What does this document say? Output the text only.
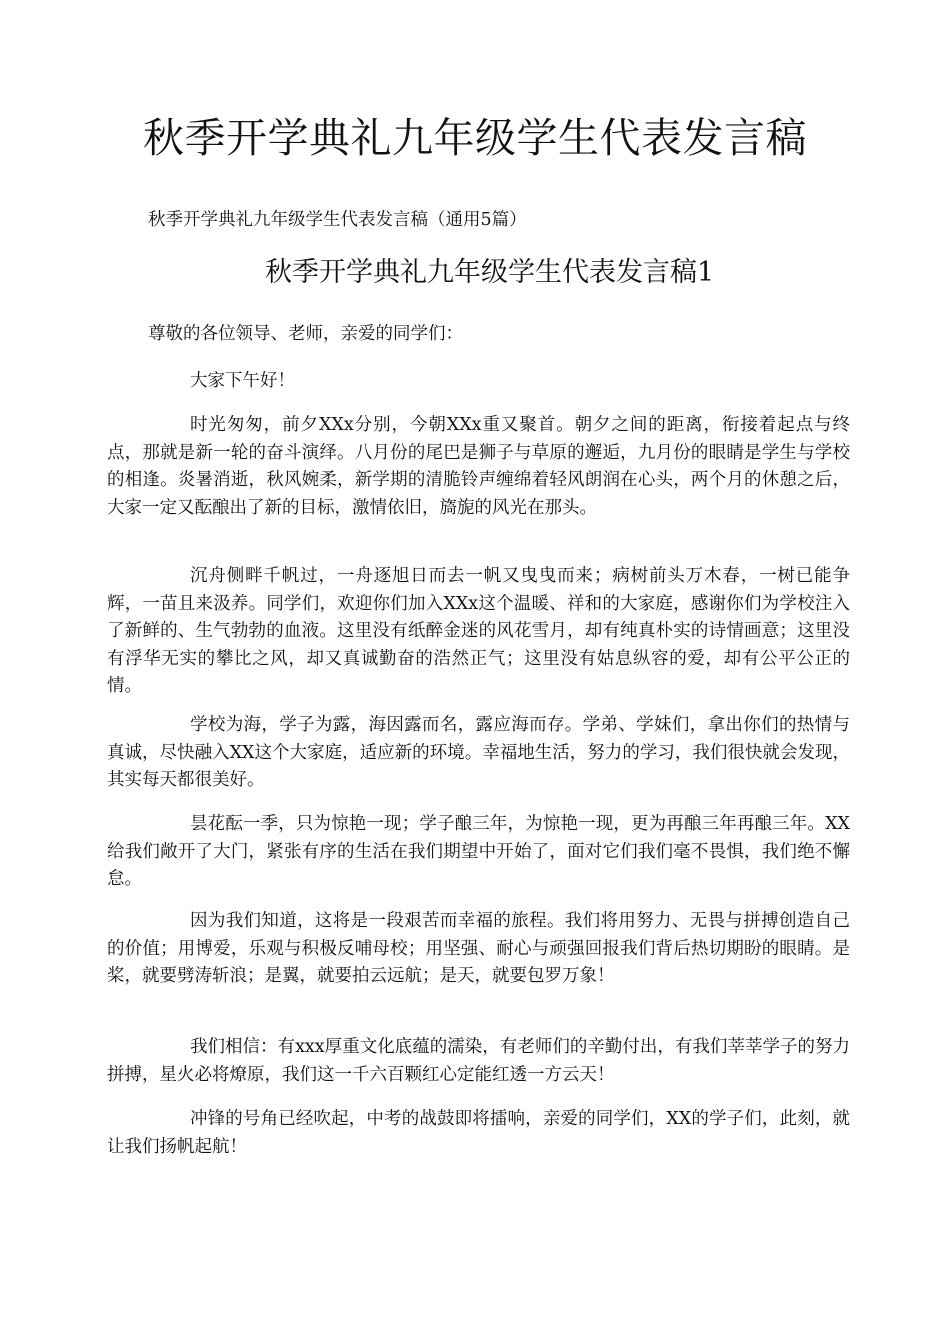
秋季开学典礼九年级学生代表发言稿

秋季开学典礼九年级学生代表发言稿（通用5篇）

秋季开学典礼九年级学生代表发言稿1

尊敬的各位领导、老师，亲爱的同学们：

大家下午好！

时光匆匆，前夕XXx分别，今朝XXx重又聚首。朝夕之间的距离，衔接着起点与终点，那就是新一轮的奋斗演绎。八月份的尾巴是狮子与草原的邂逅，九月份的眼睛是学生与学校的相逢。炎暑消逝，秋风婉柔，新学期的清脆铃声缠绵着轻风朗润在心头，两个月的休憩之后，大家一定又酝酿出了新的目标，激情依旧，旖旎的风光在那头。

沉舟侧畔千帆过，一舟逐旭日而去一帆又曳曳而来；病树前头万木春，一树已能争辉，一苗且来汲养。同学们，欢迎你们加入XXx这个温暖、祥和的大家庭，感谢你们为学校注入了新鲜的、生气勃勃的血液。这里没有纸醉金迷的风花雪月，却有纯真朴实的诗情画意；这里没有浮华无实的攀比之风，却又真诚勤奋的浩然正气；这里没有姑息纵容的爱，却有公平公正的情。

学校为海，学子为露，海因露而名，露应海而存。学弟、学妹们，拿出你们的热情与真诚，尽快融入XX这个大家庭，适应新的环境。幸福地生活，努力的学习，我们很快就会发现，其实每天都很美好。

昙花酝一季，只为惊艳一现；学子酿三年，为惊艳一现，更为再酿三年再酿三年。XX给我们敞开了大门，紧张有序的生活在我们期望中开始了，面对它们我们毫不畏惧，我们绝不懈怠。

因为我们知道，这将是一段艰苦而幸福的旅程。我们将用努力、无畏与拼搏创造自己的价值；用博爱，乐观与积极反哺母校；用坚强、耐心与顽强回报我们背后热切期盼的眼睛。是桨，就要劈涛斩浪；是翼，就要拍云远航；是天，就要包罗万象！

我们相信：有xxx厚重文化底蕴的濡染，有老师们的辛勤付出，有我们莘莘学子的努力拼搏，星火必将燎原，我们这一千六百颗红心定能红透一方云天！

冲锋的号角已经吹起，中考的战鼓即将擂响，亲爱的同学们，XX的学子们，此刻，就让我们扬帆起航！
